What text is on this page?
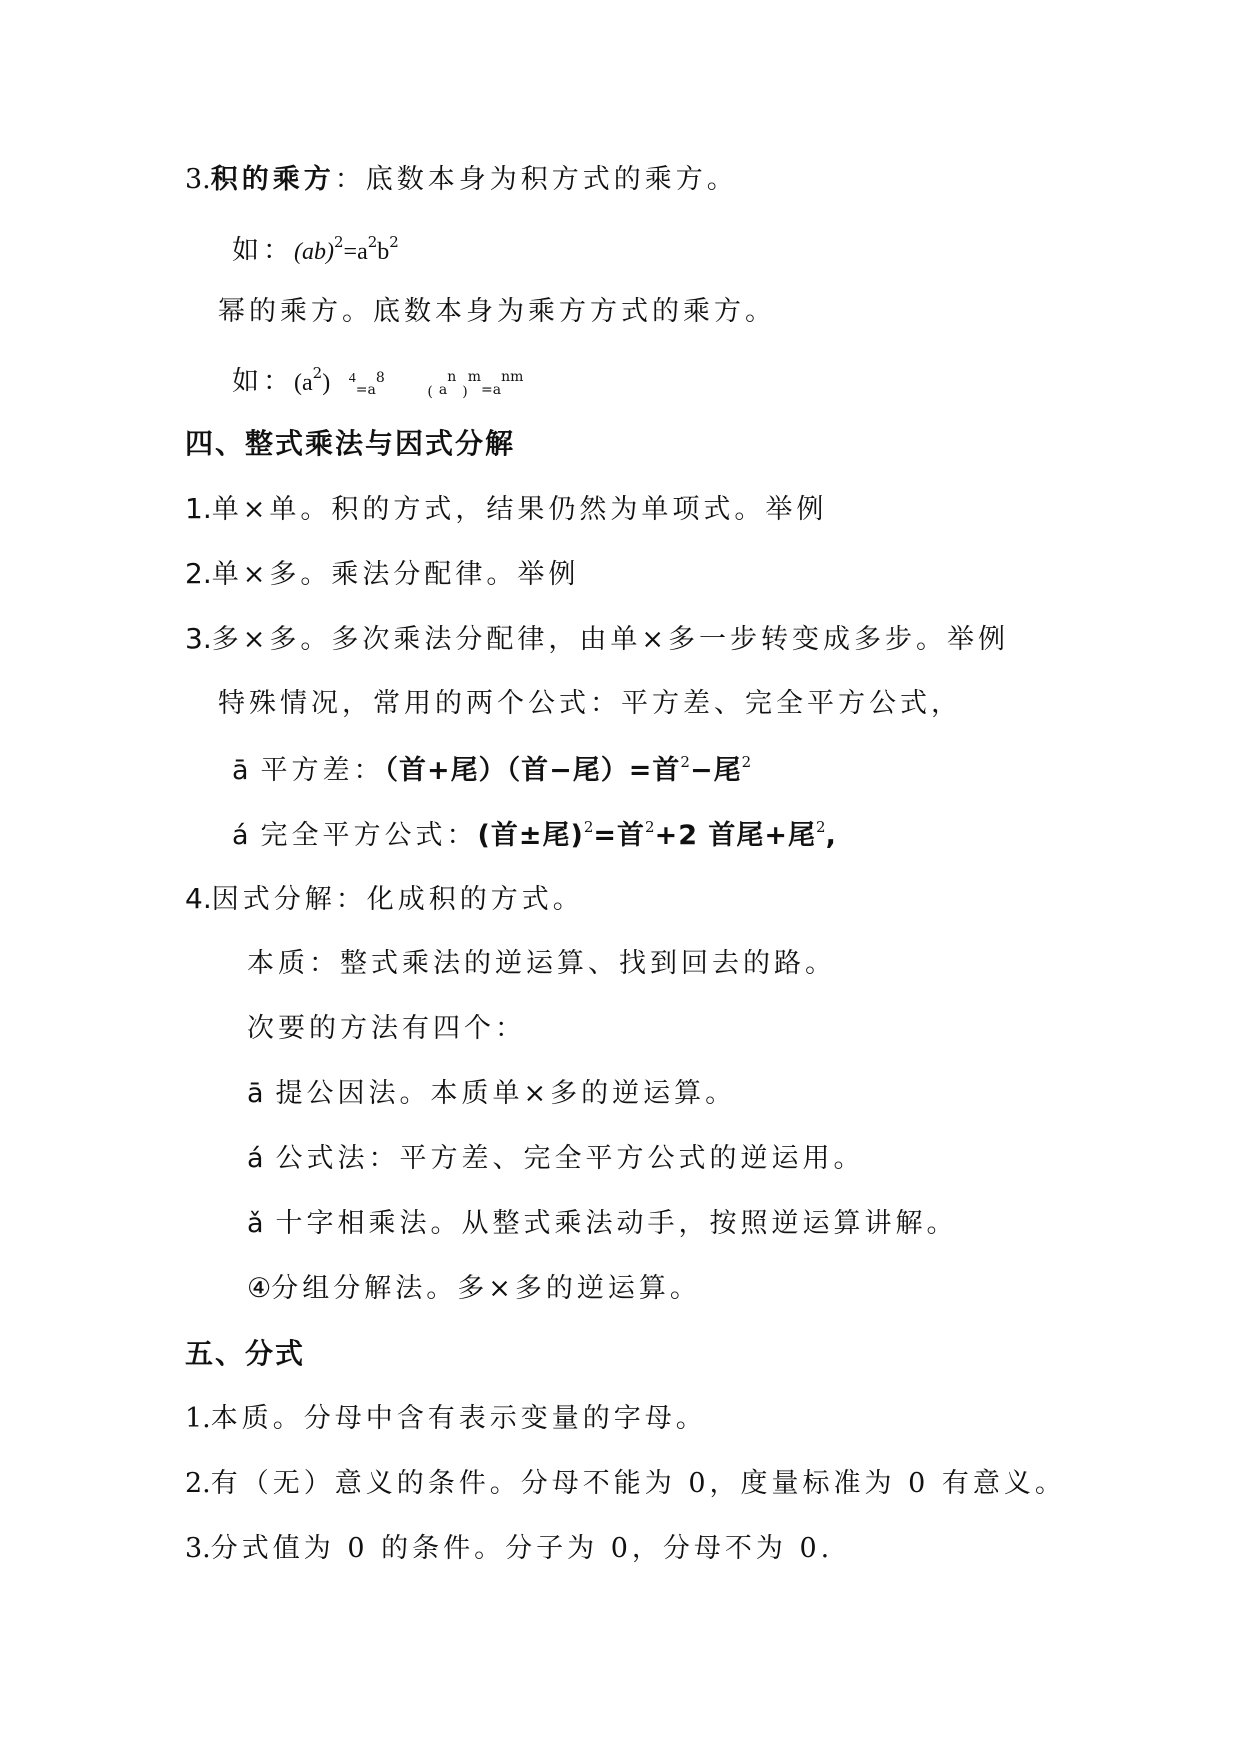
3.积的乘方：底数本身为积方式的乘方。
如：$(ab)^2=a^2b^2$
幂的乘方。底数本身为乘方方式的乘方。
如：$(a^2)$ $^4=a^8$ $_($ $a^n_)^m=a^{nm}$
四、整式乘法与因式分解
1.单×单。积的方式，结果仍然为单项式。举例
2.单×多。乘法分配律。举例
3.多×多。多次乘法分配律，由单×多一步转变成多步。举例
特殊情况，常用的两个公式：平方差、完全平方公式，
ā 平方差：（首+尾）（首−尾）=首$^2$−尾$^2$
á 完全平方公式：(首±尾)$^2$=首$^2$+2 首尾+尾$^2$,
4.因式分解：化成积的方式。
本质：整式乘法的逆运算、找到回去的路。
次要的方法有四个：
ā 提公因法。本质单×多的逆运算。
á 公式法：平方差、完全平方公式的逆运用。
ǎ 十字相乘法。从整式乘法动手，按照逆运算讲解。
④分组分解法。多×多的逆运算。
五、分式
1.本质。分母中含有表示变量的字母。
2.有（无）意义的条件。分母不能为 0，度量标准为 0 有意义。
3.分式值为 0 的条件。分子为 0，分母不为 0.
